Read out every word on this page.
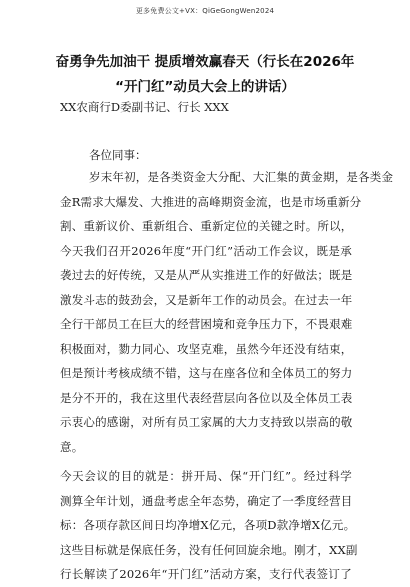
更多免费公文+VX：QiGeGongWen2024
奋勇争先加油干 提质增效赢春天（行长在2026年
“开门红”动员大会上的讲话）
XX农商行D委副书记、行长 XXX
各位同事：
岁末年初，是各类资金大分配、大汇集的黄金期，是各类金
金R需求大爆发、大推进的高峰期资金流，也是市场重新分
割、重新议价、重新组合、重新定位的关键之时。所以，
今天我们召开2026年度“开门红”活动工作会议，既是承
袭过去的好传统，又是从严从实推进工作的好做法；既是
激发斗志的鼓劲会，又是新年工作的动员会。在过去一年
全行干部员工在巨大的经营困境和竞争压力下，不畏艰难
积极面对，勠力同心、攻坚克难，虽然今年还没有结束，
但是预计考核成绩不错，这与在座各位和全体员工的努力
是分不开的，我在这里代表经营层向各位以及全体员工表
示衷心的感谢，对所有员工家属的大力支持致以崇高的敬
意。
今天会议的目的就是：拼开局、保“开门红”。经过科学
测算全年计划，通盘考虑全年态势，确定了一季度经营目
标：各项存款区间日均净增X亿元，各项D款净增X亿元。
这些目标就是保底任务，没有任何回旋余地。刚才，XX副
行长解读了2026年“开门红”活动方案，支行代表签订了
